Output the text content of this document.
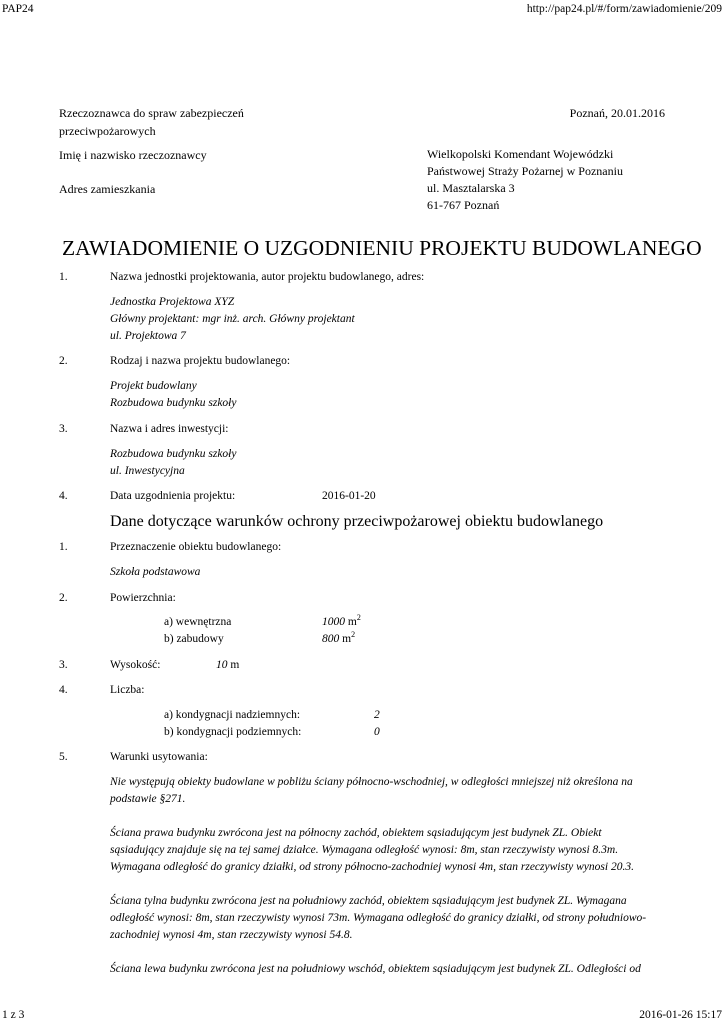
PAP24	http://pap24.pl/#/form/zawiadomienie/209
1 z 3	2016-01-26 15:17
Rzeczoznawca do spraw zabezpieczeń
przeciwpożarowych
Poznań, 20.01.2016
Imię i nazwisko rzeczoznawcy
Adres zamieszkania
Wielkopolski Komendant Wojewódzki
Państwowej Straży Pożarnej w Poznaniu
ul. Masztalarska 3
61-767 Poznań
ZAWIADOMIENIE O UZGODNIENIU PROJEKTU BUDOWLANEGO
1.	Nazwa jednostki projektowania, autor projektu budowlanego, adres:
Jednostka Projektowa XYZ
Główny projektant: mgr inż. arch. Główny projektant
ul. Projektowa 7
2.	Rodzaj i nazwa projektu budowlanego:
Projekt budowlany
Rozbudowa budynku szkoły
3.	Nazwa i adres inwestycji:
Rozbudowa budynku szkoły
ul. Inwestycyjna
4.	Data uzgodnienia projektu:	2016-01-20
Dane dotyczące warunków ochrony przeciwpożarowej obiektu budowlanego
1.	Przeznaczenie obiektu budowlanego:
Szkoła podstawowa
2.	Powierzchnia:
a) wewnętrzna	1000 $m^2$
b) zabudowy	800 $m^2$
3.	Wysokość:	10 m
4.	Liczba:
a) kondygnacji nadziemnych:	2
b) kondygnacji podziemnych:	0
5.	Warunki usytowania:
Nie występują obiekty budowlane w pobliżu ściany północno-wschodniej, w odległości mniejszej niż określona na
podstawie §271.
Ściana prawa budynku zwrócona jest na północny zachód, obiektem sąsiadującym jest budynek ZL. Obiekt
sąsiadujący znajduje się na tej samej działce. Wymagana odległość wynosi: 8m, stan rzeczywisty wynosi 8.3m.
Wymagana odległość do granicy działki, od strony północno-zachodniej wynosi 4m, stan rzeczywisty wynosi 20.3.
Ściana tylna budynku zwrócona jest na południowy zachód, obiektem sąsiadującym jest budynek ZL. Wymagana
odległość wynosi: 8m, stan rzeczywisty wynosi 73m. Wymagana odległość do granicy działki, od strony południowo-
zachodniej wynosi 4m, stan rzeczywisty wynosi 54.8.
Ściana lewa budynku zwrócona jest na południowy wschód, obiektem sąsiadującym jest budynek ZL. Odległości od
